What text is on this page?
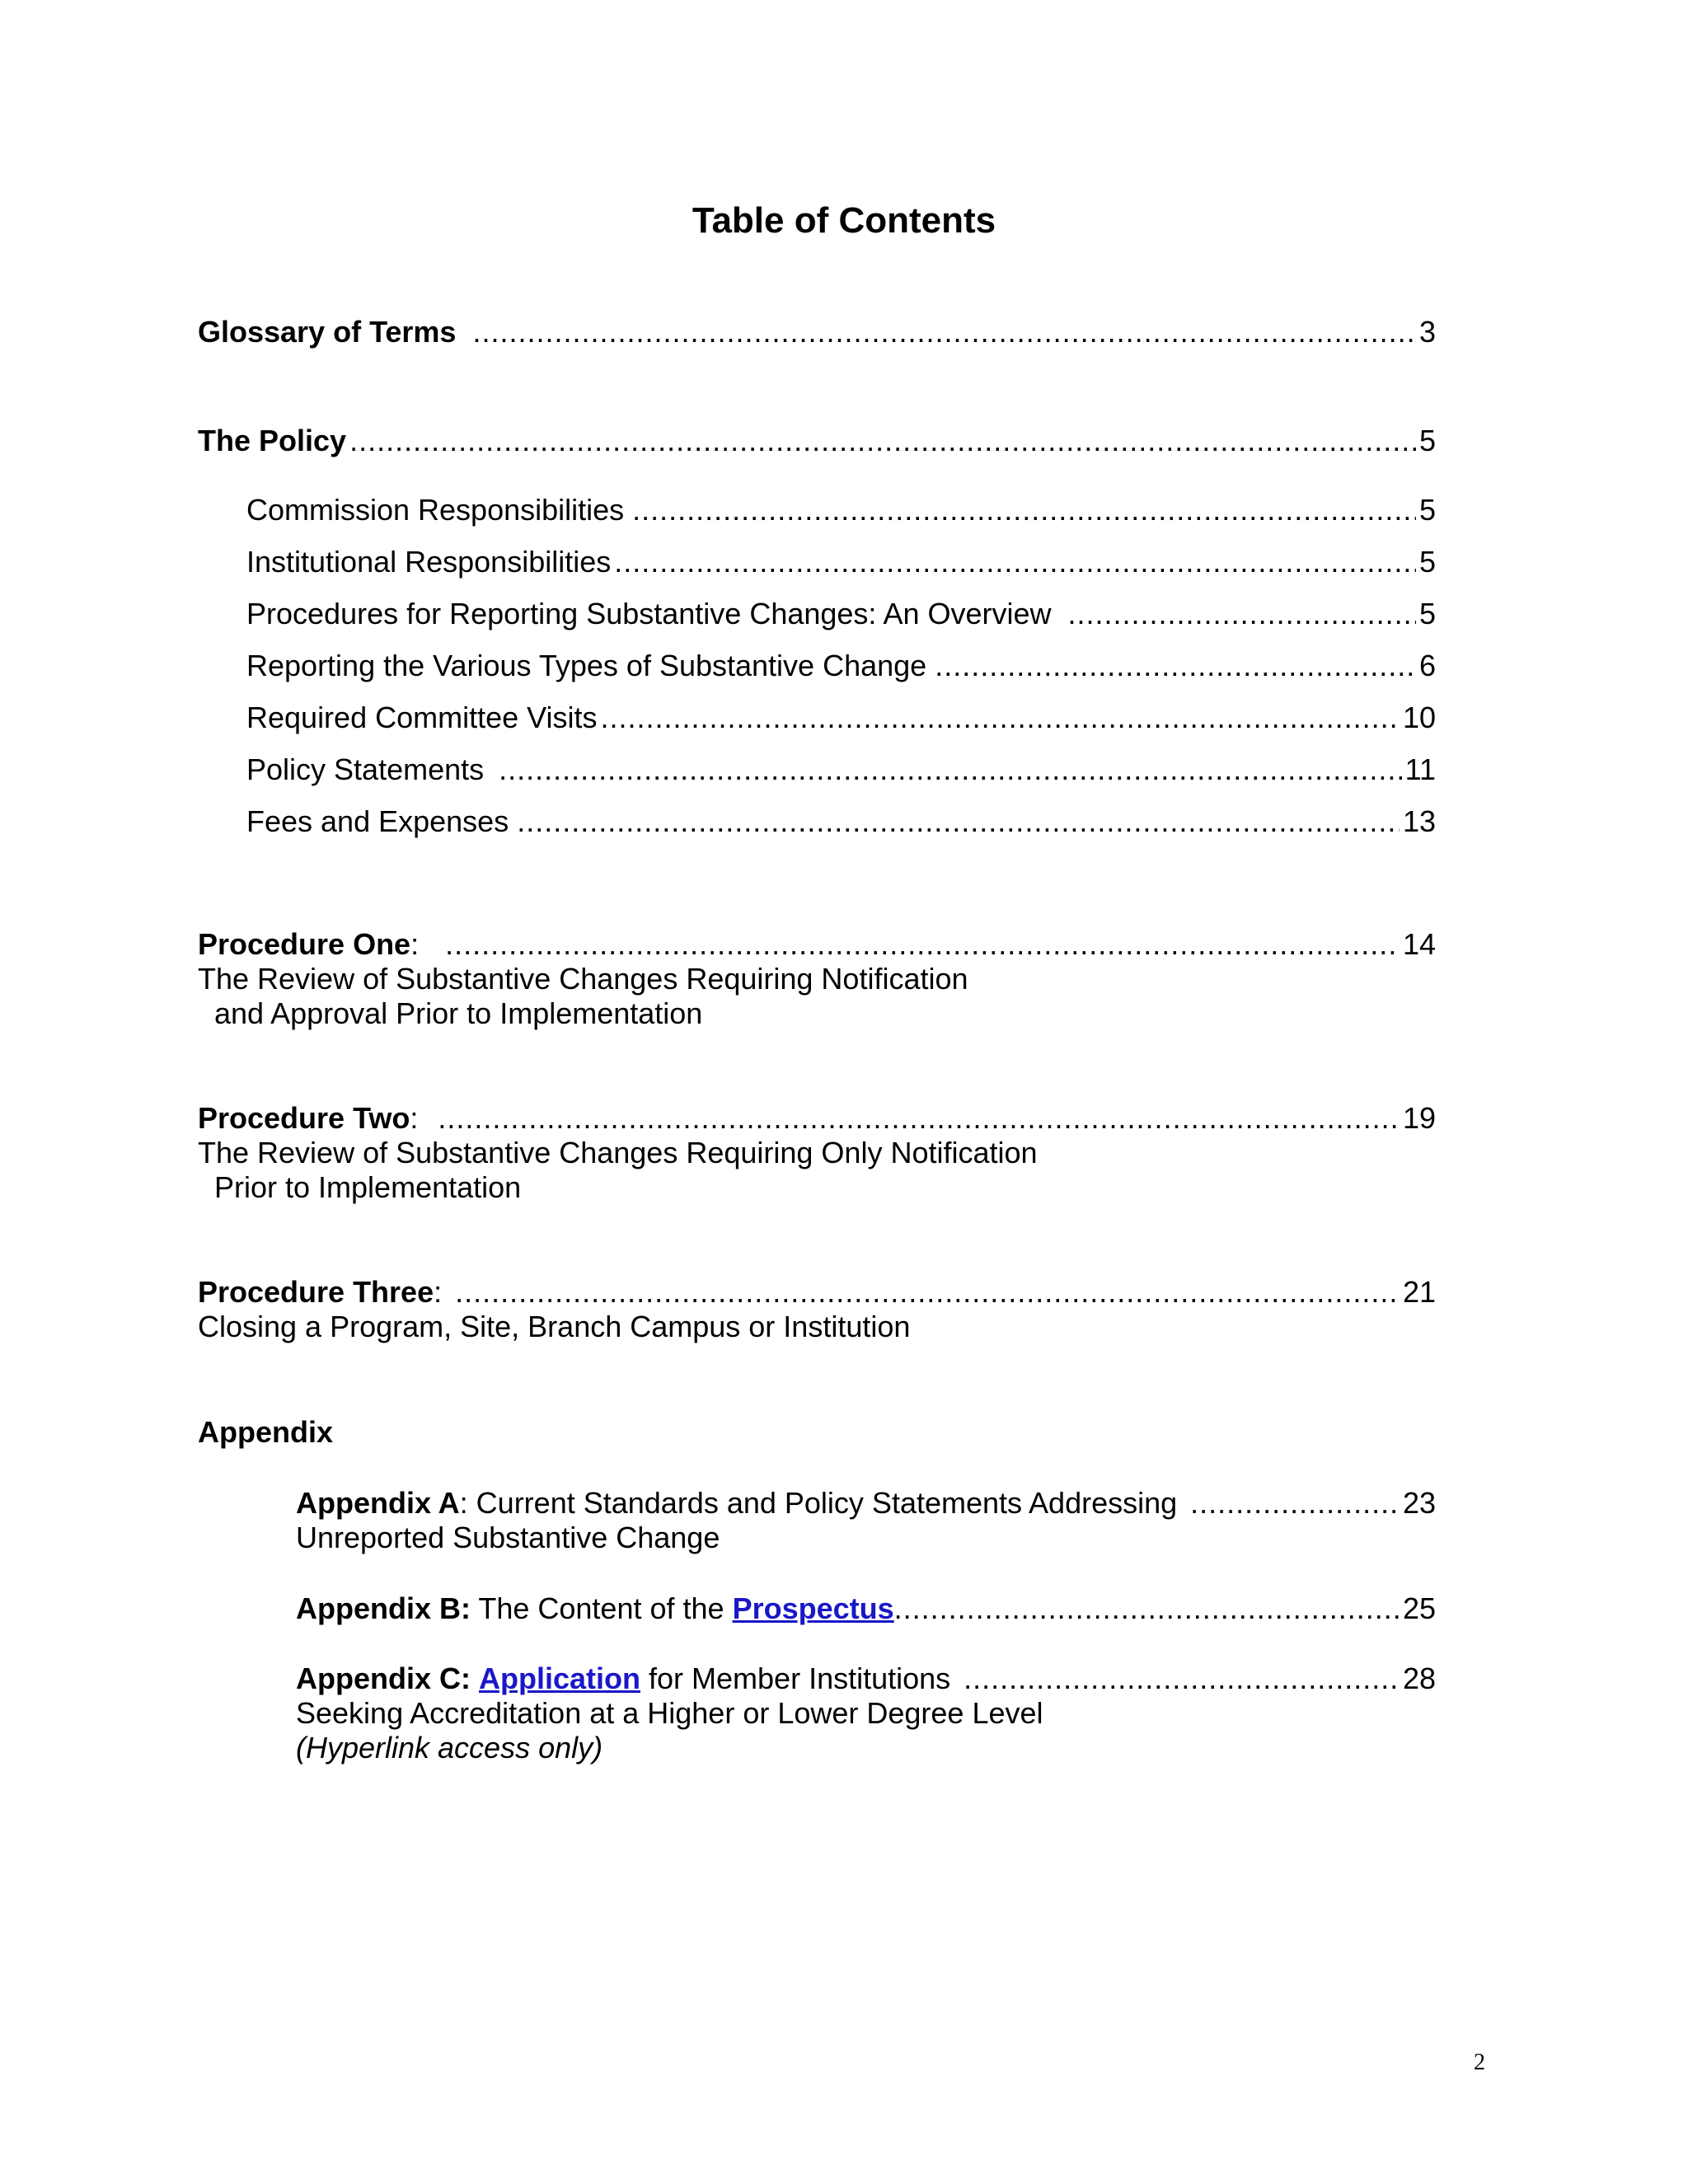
Table of Contents
Glossary of Terms .....	3
The Policy .....	5
Commission Responsibilities .....	5
Institutional Responsibilities .....	5
Procedures for Reporting Substantive Changes: An Overview .....	5
Reporting the Various Types of Substantive Change .....	6
Required Committee Visits .....	10
Policy Statements .....	11
Fees and Expenses .....	13
Procedure One: .....	14
The Review of Substantive Changes Requiring Notification
and Approval Prior to Implementation
Procedure Two: .....	19
The Review of Substantive Changes Requiring Only Notification
Prior to Implementation
Procedure Three: .....	21
Closing a Program, Site, Branch Campus or Institution
Appendix
Appendix A: Current Standards and Policy Statements Addressing .....	23
Unreported Substantive Change
Appendix B: The Content of the Prospectus .....	25
Appendix C: Application for Member Institutions .....	28
Seeking Accreditation at a Higher or Lower Degree Level
(Hyperlink access only)
2
